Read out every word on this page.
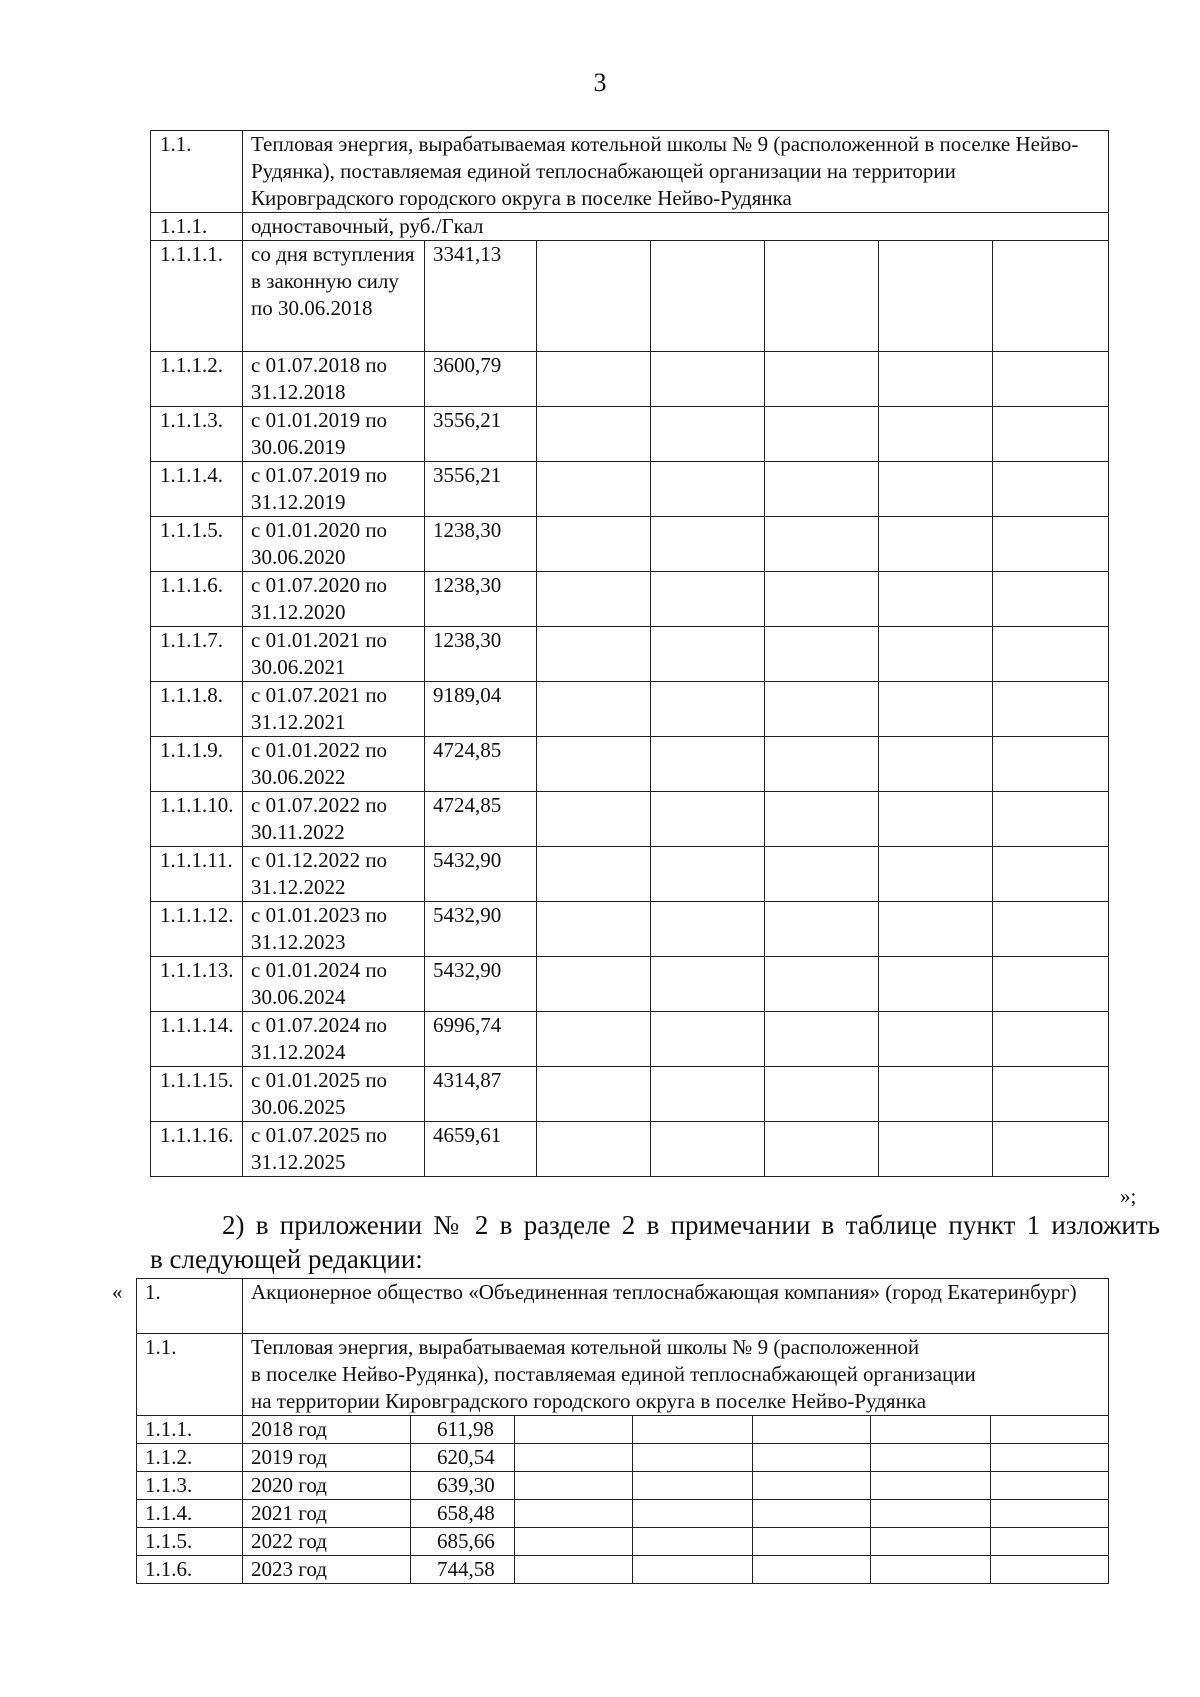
3
1.1.	Тепловая энергия, вырабатываемая котельной школы № 9 (расположенной в поселке Нейво-Рудянка), поставляемая единой теплоснабжающей организации на территории Кировградского городского округа в поселке Нейво-Рудянка						
1.1.1.	одноставочный, руб./Гкал						
1.1.1.1.	со дня вступления в законную силу по 30.06.2018	3341,13					
1.1.1.2.	с 01.07.2018 по 31.12.2018	3600,79					
1.1.1.3.	с 01.01.2019 по 30.06.2019	3556,21					
1.1.1.4.	с 01.07.2019 по 31.12.2019	3556,21					
1.1.1.5.	с 01.01.2020 по 30.06.2020	1238,30					
1.1.1.6.	с 01.07.2020 по 31.12.2020	1238,30					
1.1.1.7.	с 01.01.2021 по 30.06.2021	1238,30					
1.1.1.8.	с 01.07.2021 по 31.12.2021	9189,04					
1.1.1.9.	с 01.01.2022 по 30.06.2022	4724,85					
1.1.1.10.	с 01.07.2022 по 30.11.2022	4724,85					
1.1.1.11.	с 01.12.2022 по 31.12.2022	5432,90					
1.1.1.12.	с 01.01.2023 по 31.12.2023	5432,90					
1.1.1.13.	с 01.01.2024 по 30.06.2024	5432,90					
1.1.1.14.	с 01.07.2024 по 31.12.2024	6996,74					
1.1.1.15.	с 01.01.2025 по 30.06.2025	4314,87					
1.1.1.16.	с 01.07.2025 по 31.12.2025	4659,61					
»;
2) в приложении № 2 в разделе 2 в примечании в таблице пункт 1 изложить
в следующей редакции:
« 1.	Акционерное общество «Объединенная теплоснабжающая компания» (город Екатеринбург)						
1.1.	Тепловая энергия, вырабатываемая котельной школы № 9 (расположенной
в поселке Нейво-Рудянка), поставляемая единой теплоснабжающей организации
на территории Кировградского городского округа в поселке Нейво-Рудянка						

1.1.1.	2018 год	611,98					
1.1.2.	2019 год	620,54					
1.1.3.	2020 год	639,30					
1.1.4.	2021 год	658,48					
1.1.5.	2022 год	685,66					
1.1.6.	2023 год	744,58					
